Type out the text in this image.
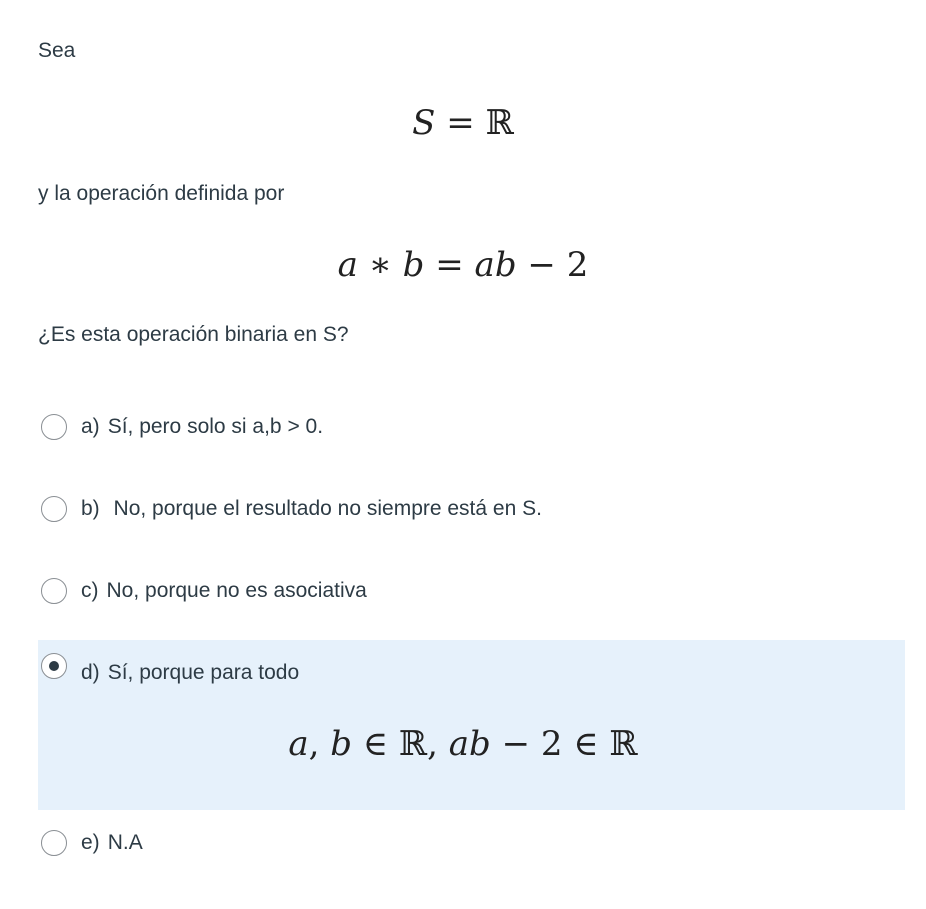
Sea
S = ℝ
y la operación definida por
a ∗ b = ab − 2
¿Es esta operación binaria en S?
a) Sí, pero solo si a,b > 0.
b) No, porque el resultado no siempre está en S.
c) No, porque no es asociativa
d) Sí, porque para todo
a, b ∈ ℝ, ab − 2 ∈ ℝ
e) N.A
